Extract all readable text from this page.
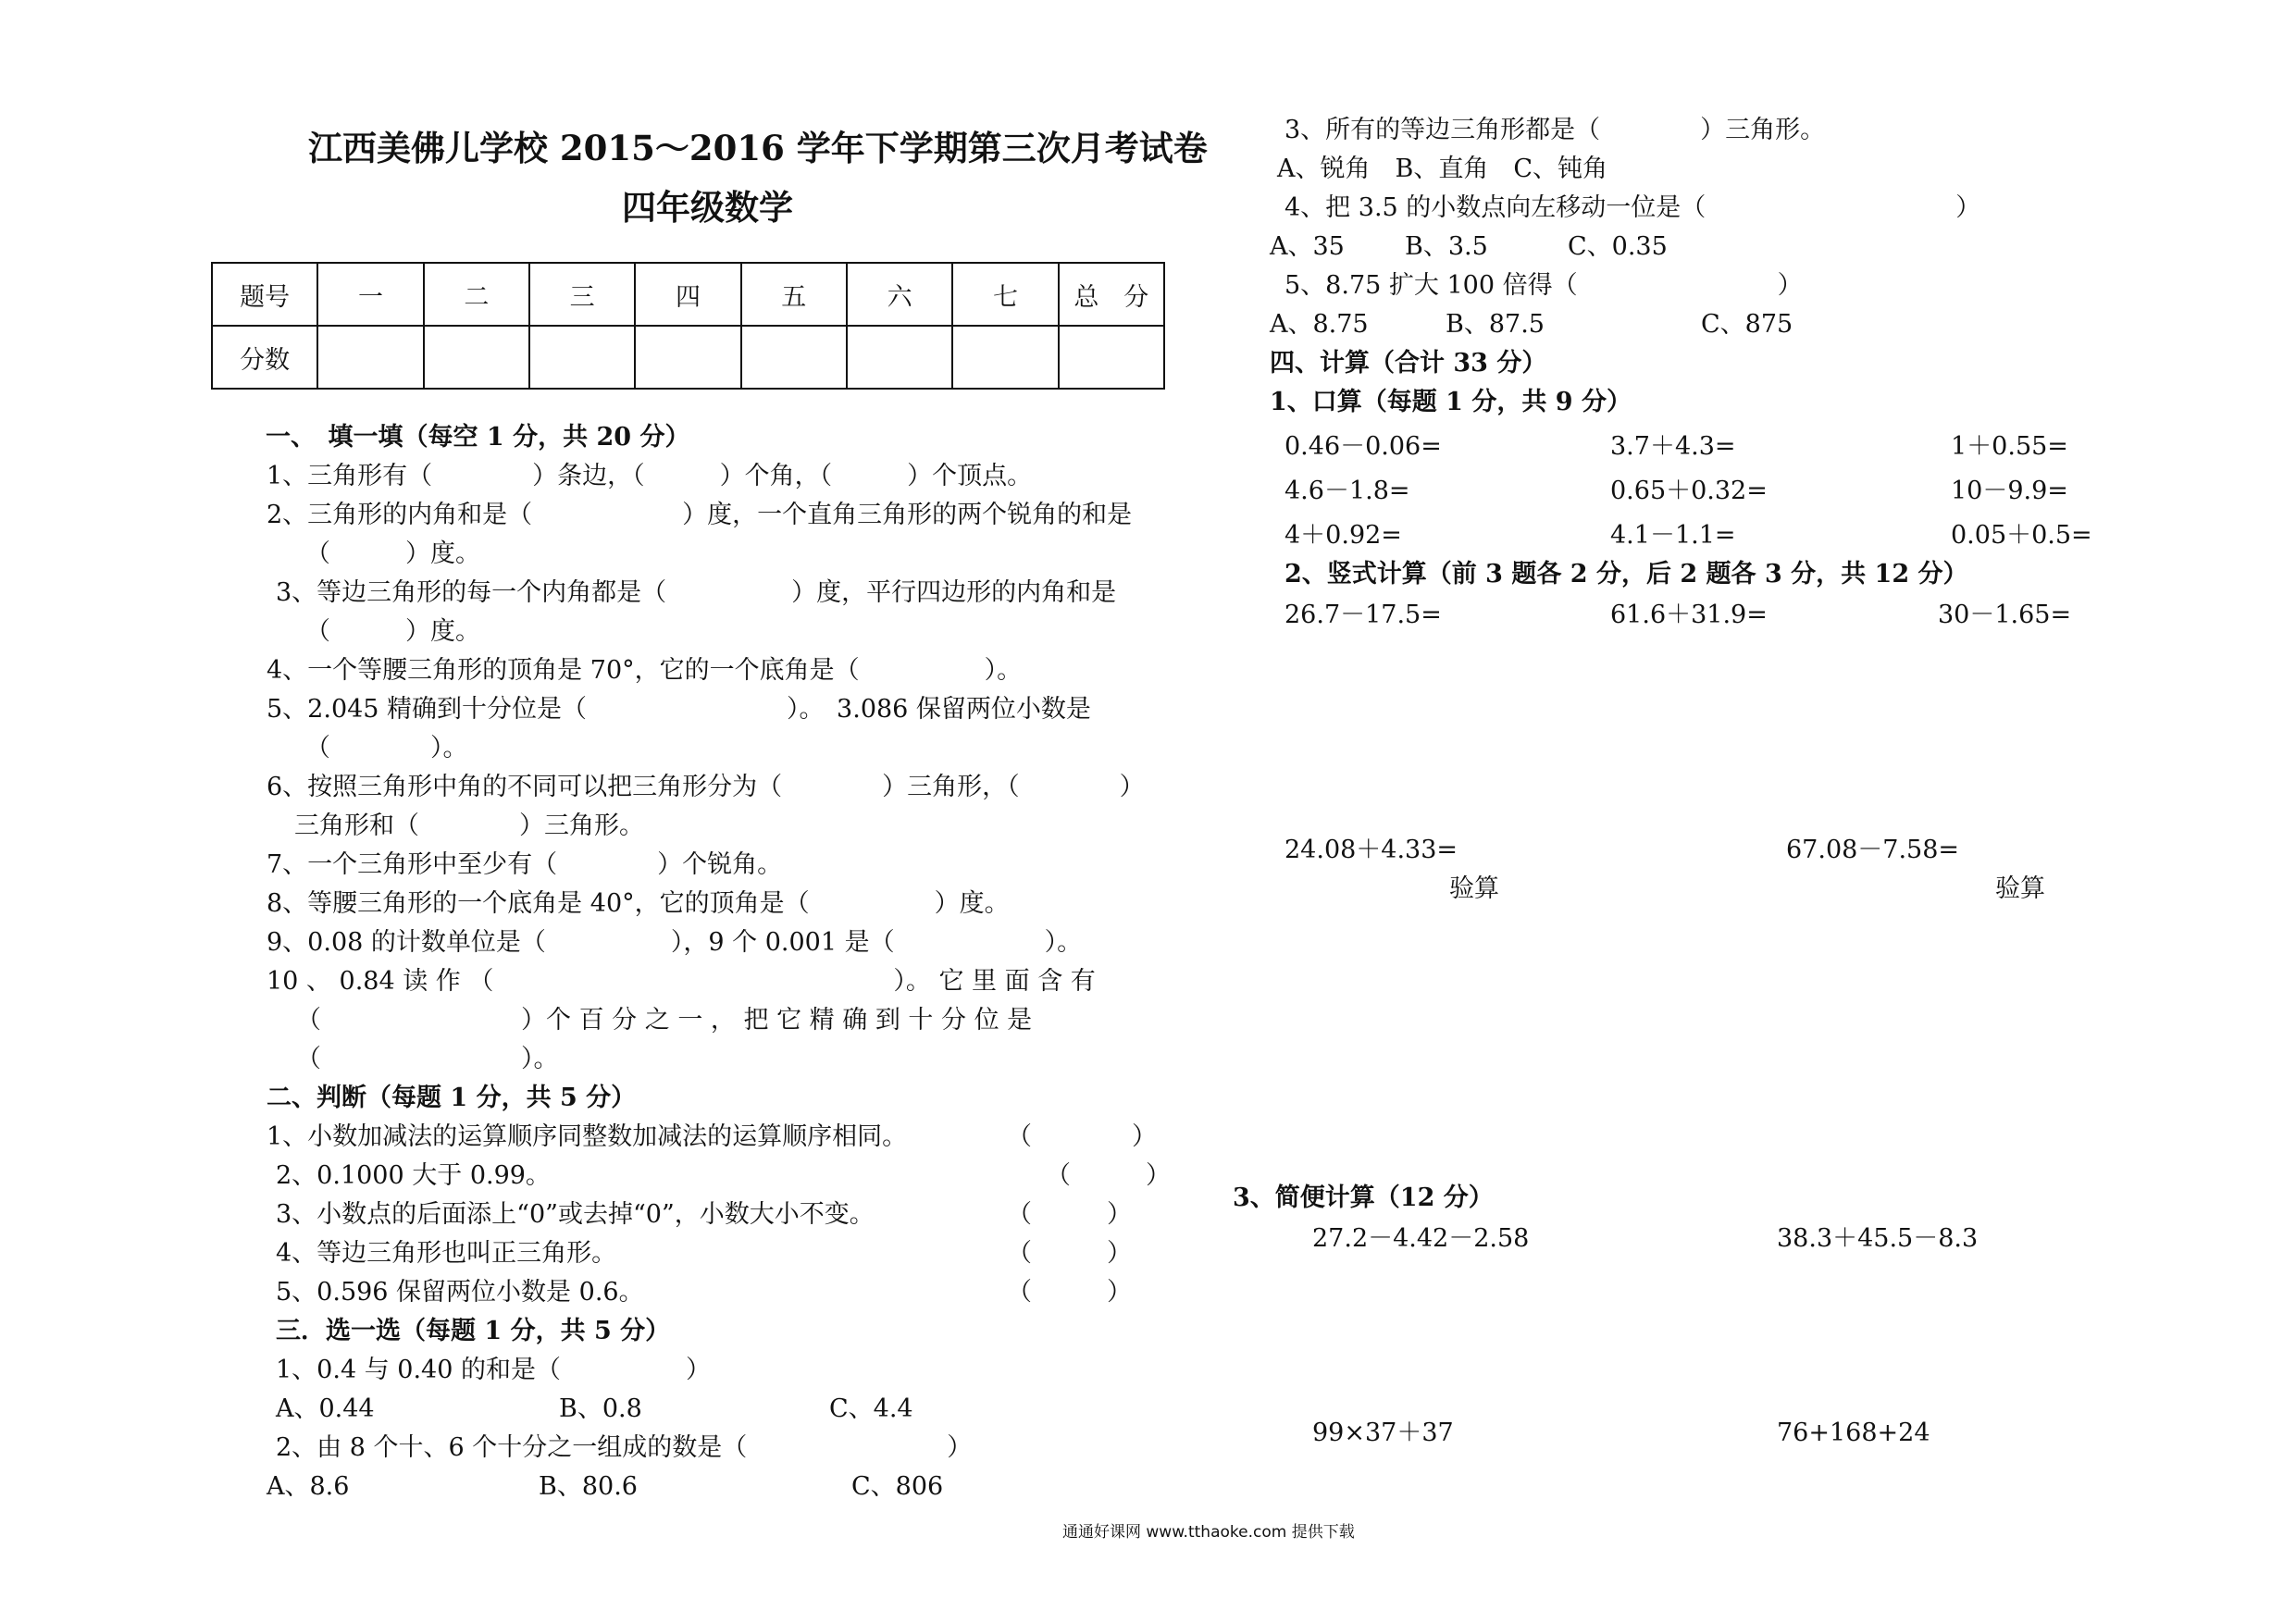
江西美佛儿学校 2015～2016 学年下学期第三次月考试卷
四年级数学
题号	一	二	三	四	五	六	七	总　分
分数								
一、　填一填（每空 1 分，共 20 分）
1、三角形有（　　　　）条边，（　　　）个角，（　　　）个顶点。
2、三角形的内角和是（　　　　　　）度，一个直角三角形的两个锐角的和是
（　　　）度。
3、等边三角形的每一个内角都是（　　　　　）度，平行四边形的内角和是
（　　　）度。
4、一个等腰三角形的顶角是 70°，它的一个底角是（　　　　　）。
5、2.045 精确到十分位是（　　　　　　　　）。　3.086 保留两位小数是
（　　　　）。
6、按照三角形中角的不同可以把三角形分为（　　　　）三角形，（　　　　）
三角形和（　　　　）三角形。
7、一个三角形中至少有（　　　　）个锐角。
8、等腰三角形的一个底角是 40°，它的顶角是（　　　　　）度。
9、0.08 的计数单位是（　　　　　），9 个 0.001 是（　　　　　　）。
10 、 0.84 读 作 （　　　　　　　　　　　　　　　　）。 它 里 面 含 有
（　　　　　　　　）个 百 分 之 一 ， 把 它 精 确 到 十 分 位 是
（　　　　　　　　）。
二、判断（每题 1 分，共 5 分）
1、小数加减法的运算顺序同整数加减法的运算顺序相同。	（　　　　）
2、0.1000 大于 0.99。	（　　　）
3、小数点的后面添上“0”或去掉“0”，小数大小不变。	（　　　）
4、等边三角形也叫正三角形。	（　　　）
5、0.596 保留两位小数是 0.6。	（　　　）
三．选一选（每题 1 分，共 5 分）
1、0.4 与 0.40 的和是（　　　　　）
A、0.44	B、0.8	C、4.4
2、由 8 个十、6 个十分之一组成的数是（　　　　　　　　）
A、8.6	B、80.6	C、806
3、所有的等边三角形都是（　　　　）三角形。
A、锐角　B、直角　C、钝角
4、把 3.5 的小数点向左移动一位是（　　　　　　　　　　）
A、35 B、3.5	C、0.35
5、8.75 扩大 100 倍得（　　　　　　　　）
A、8.75	B、87.5	C、875
四、计算（合计 33 分）
1、口算（每题 1 分，共 9 分）
0.46－0.06=	3.7＋4.3=	1＋0.55=
4.6－1.8=	0.65＋0.32=	10－9.9=
4＋0.92=	4.1－1.1=	0.05＋0.5=
2、竖式计算（前 3 题各 2 分，后 2 题各 3 分，共 12 分）
26.7－17.5=	61.6＋31.9=	30－1.65=
24.08＋4.33=	67.08－7.58=
验算	验算
3、简便计算（12 分）
27.2－4.42－2.58	38.3＋45.5－8.3
99×37＋37	76+168+24
通通好课网 www.tthaoke.com 提供下载
